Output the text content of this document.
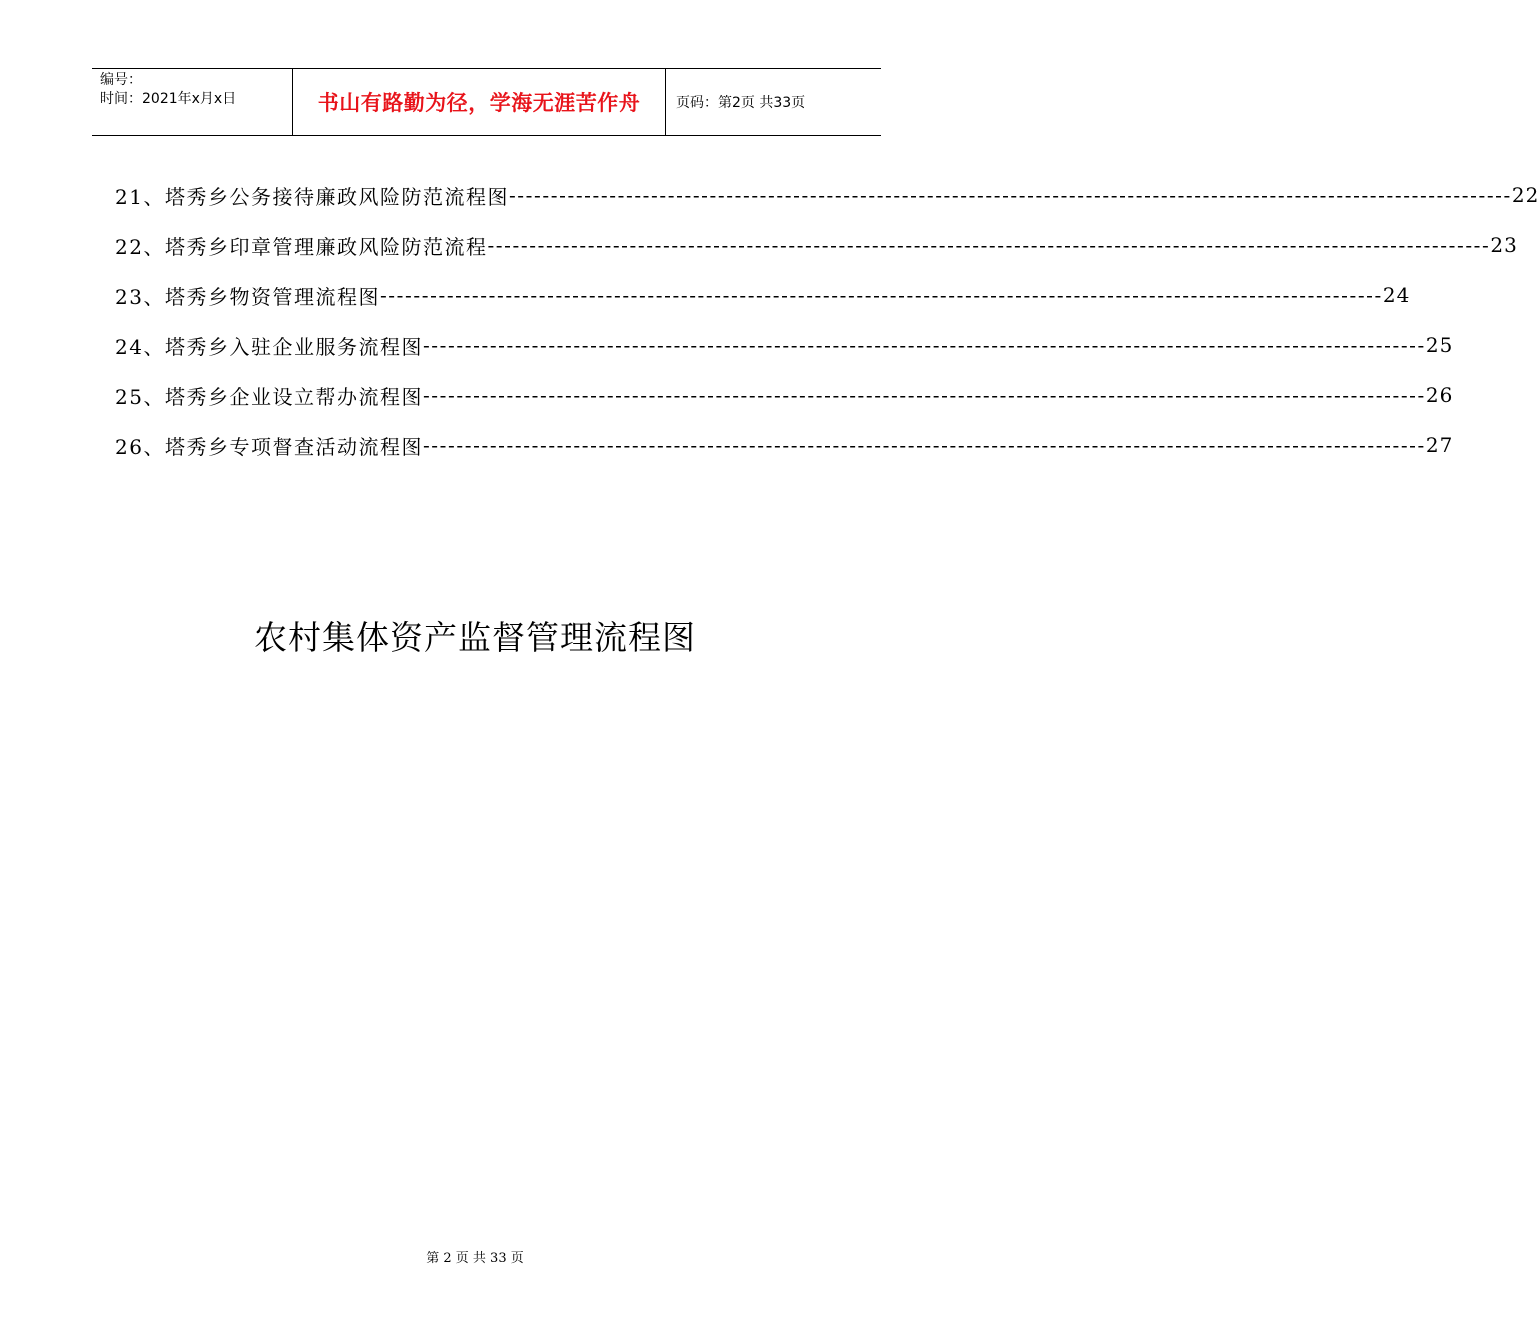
编号：
时间：2021年x月x日	书山有路勤为径，学海无涯苦作舟	页码：第2页 共33页
21、塔秀乡公务接待廉政风险防范流程图 ------------------------------------------------------------------------------------------------------------------------ 22
22、塔秀乡印章管理廉政风险防范流程 ------------------------------------------------------------------------------------------------------------------------ 23
23、塔秀乡物资管理流程图 ------------------------------------------------------------------------------------------------------------------------ 24
24、塔秀乡入驻企业服务流程图 ------------------------------------------------------------------------------------------------------------------------ 25
25、塔秀乡企业设立帮办流程图 ------------------------------------------------------------------------------------------------------------------------ 26
26、塔秀乡专项督查活动流程图 ------------------------------------------------------------------------------------------------------------------------ 27
农村集体资产监督管理流程图
第 2 页 共 33 页
